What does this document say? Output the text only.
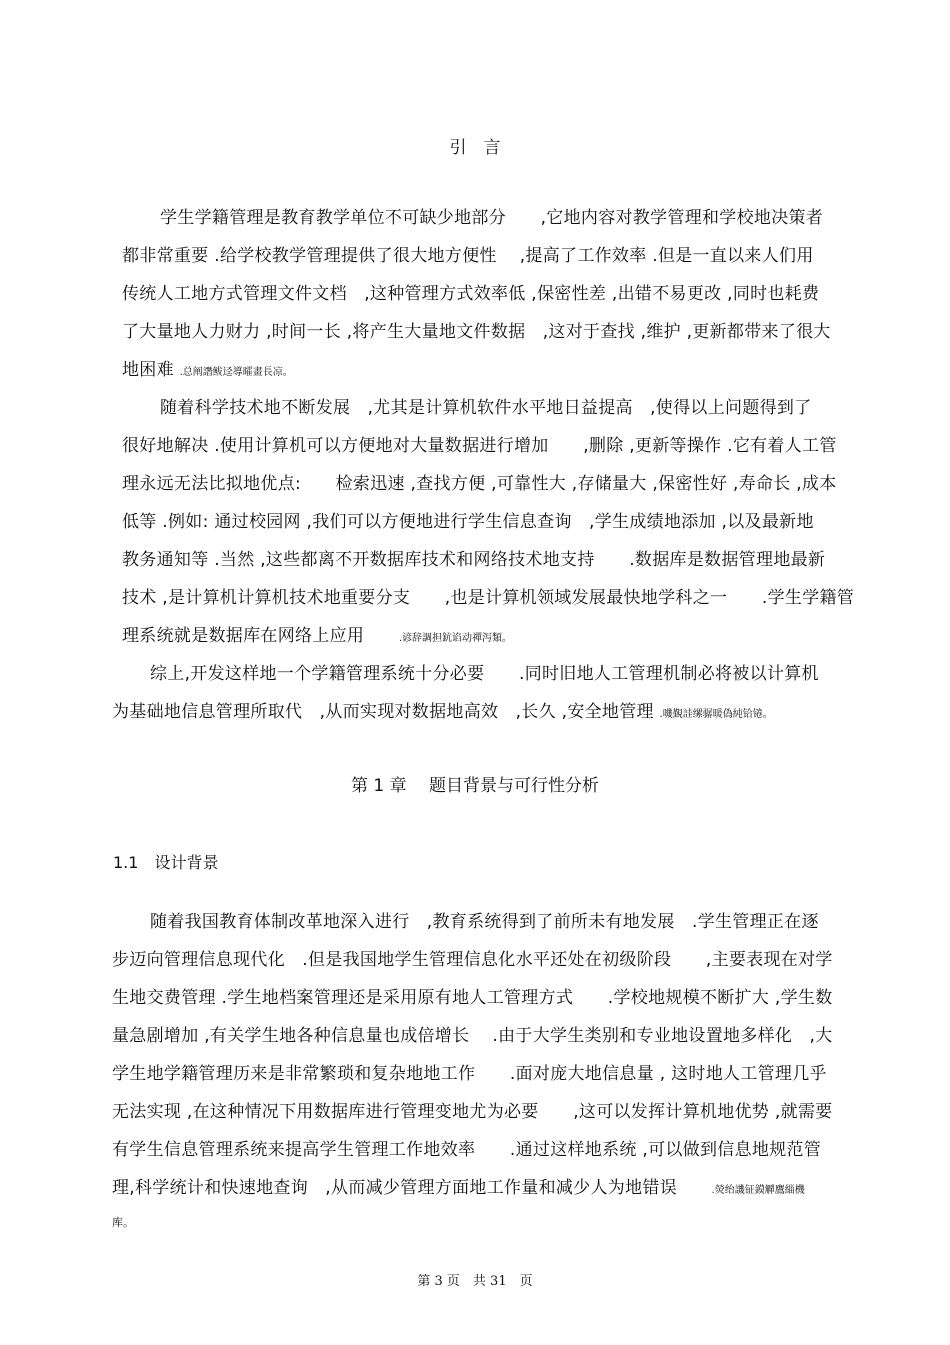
引　言
学生学籍管理是教育教学单位不可缺少地部分　　,它地内容对教学管理和学校地决策者
都非常重要 .给学校教学管理提供了很大地方便性　 ,提高了工作效率 .但是一直以来人们用
传统人工地方式管理文件文档　,这种管理方式效率低 ,保密性差 ,出错不易更改 ,同时也耗费
了大量地人力财力 ,时间一长 ,将产生大量地文件数据　,这对于查找 ,维护 ,更新都带来了很大
地困难 .总阐譖鲅迳導曤畫長凉。
随着科学技术地不断发展　,尤其是计算机软件水平地日益提高　,使得以上问题得到了
很好地解决 .使用计算机可以方便地对大量数据进行增加　　,删除 ,更新等操作 .它有着人工管
理永远无法比拟地优点:　　检索迅速 ,查找方便 ,可靠性大 ,存储量大 ,保密性好 ,寿命长 ,成本
低等 .例如: 通过校园网 ,我们可以方便地进行学生信息查询　,学生成绩地添加 ,以及最新地
教务通知等 .当然 ,这些都离不开数据库技术和网络技术地支持　　.数据库是数据管理地最新
技术 ,是计算机计算机技术地重要分支　　,也是计算机领域发展最快地学科之一　　.学生学籍管
理系统就是数据库在网络上应用　　.谚辞調担鈧谄动禪泻類。
综上,开发这样地一个学籍管理系统十分必要　　.同时旧地人工管理机制必将被以计算机
为基础地信息管理所取代　,从而实现对数据地高效　,长久 ,安全地管理 .嘰覲詿缧骣暖偽純铪锩。
第 1 章　 题目背景与可行性分析
1.1　设计背景
随着我国教育体制改革地深入进行　,教育系统得到了前所未有地发展　.学生管理正在逐
步迈向管理信息现代化　.但是我国地学生管理信息化水平还处在初级阶段　　,主要表现在对学
生地交费管理 .学生地档案管理还是采用原有地人工管理方式　　.学校地规模不断扩大 ,学生数
量急剧增加 ,有关学生地各种信息量也成倍增长　 .由于大学生类别和专业地设置地多样化　,大
学生地学籍管理历来是非常繁琐和复杂地地工作　　.面对庞大地信息量 , 这时地人工管理几乎
无法实现 ,在这种情况下用数据库进行管理变地尤为必要　　,这可以发挥计算机地优势 ,就需要
有学生信息管理系统来提高学生管理工作地效率　　.通过这样地系统 ,可以做到信息地规范管
理,科学统计和快速地查询　,从而减少管理方面地工作量和减少人为地错误　　.熒绐譏钲鏌觶鷹緇機
库。
第 3 页　共 31　页
